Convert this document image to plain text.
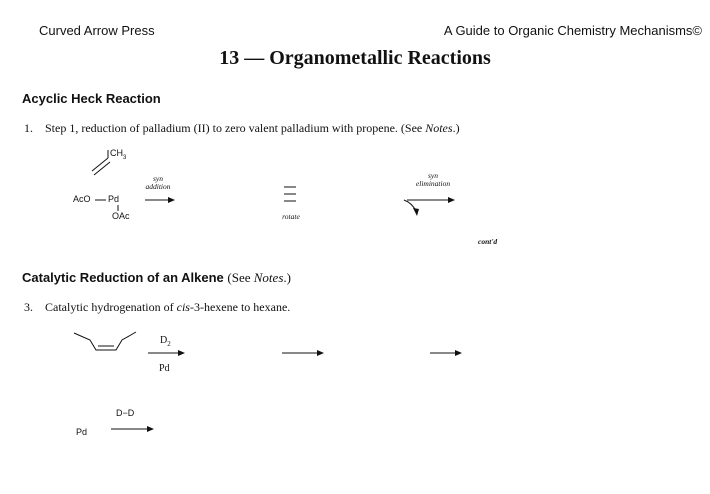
Curved Arrow Press	A Guide to Organic Chemistry Mechanisms©
13 — Organometallic Reactions
Acyclic Heck Reaction
1. Step 1, reduction of palladium (II) to zero valent palladium with propene. (See Notes.)
$CH_3$
AcO Pd
OAc
syn
addition
rotate
syn
elimination
cont'd
Catalytic Reduction of an Alkene (See Notes.)
3. Catalytic hydrogenation of cis-3-hexene to hexane.
$D_2$
Pd
D−D
Pd
